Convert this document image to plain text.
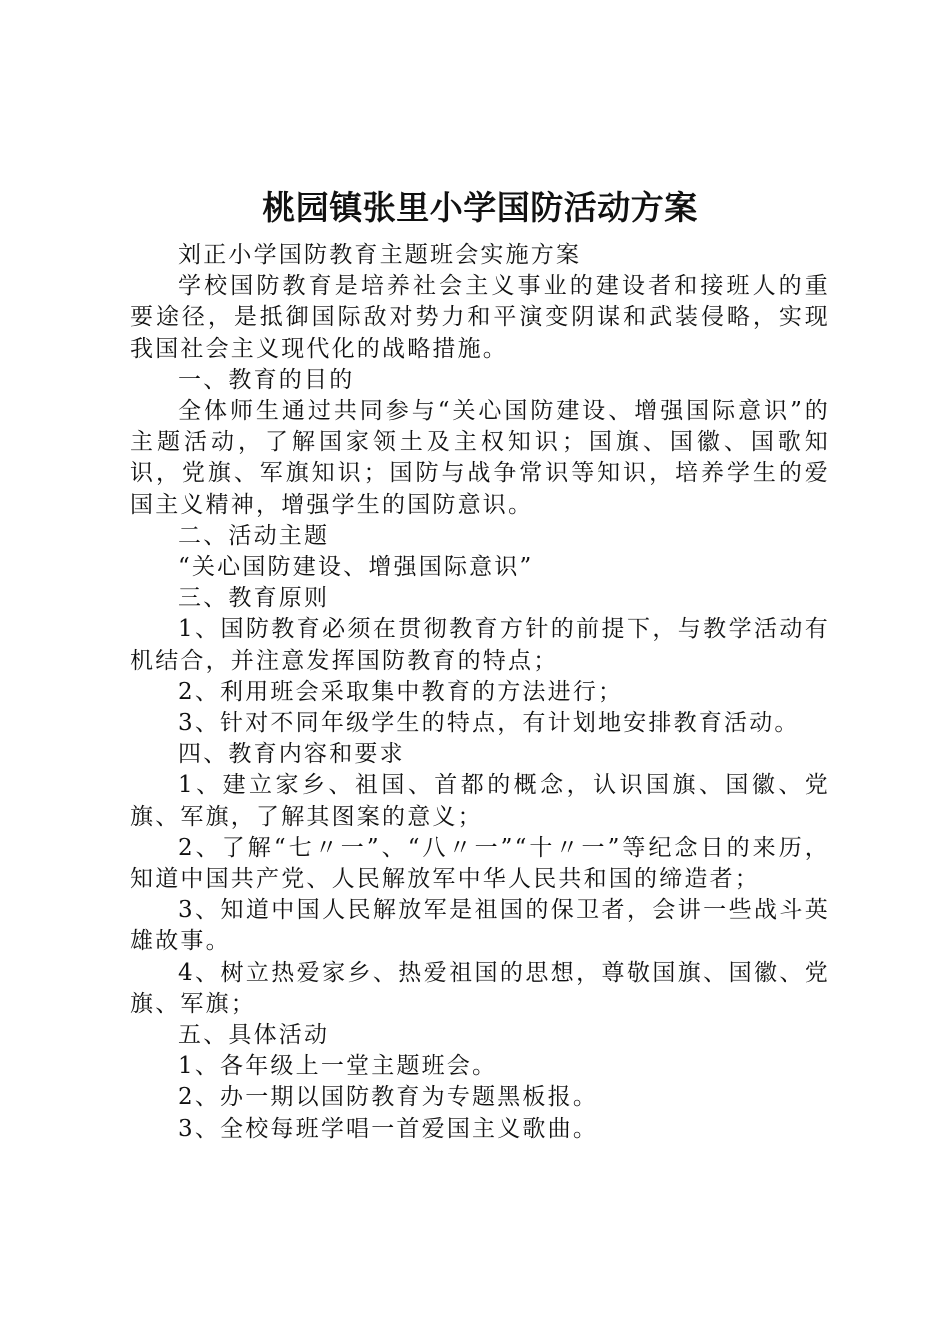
桃园镇张里小学国防活动方案

刘正小学国防教育主题班会实施方案

学校国防教育是培养社会主义事业的建设者和接班人的重要途径，是抵御国际敌对势力和平演变阴谋和武装侵略，实现我国社会主义现代化的战略措施。

一、教育的目的

全体师生通过共同参与“关心国防建设、增强国际意识”的主题活动，了解国家领土及主权知识；国旗、国徽、国歌知识，党旗、军旗知识；国防与战争常识等知识，培养学生的爱国主义精神，增强学生的国防意识。

二、活动主题

“关心国防建设、增强国际意识”

三、教育原则

1、国防教育必须在贯彻教育方针的前提下，与教学活动有机结合，并注意发挥国防教育的特点；

2、利用班会采取集中教育的方法进行；

3、针对不同年级学生的特点，有计划地安排教育活动。

四、教育内容和要求

1、建立家乡、祖国、首都的概念，认识国旗、国徽、党旗、军旗，了解其图案的意义；

2、了解“七〃一”、“八〃一”“十〃一”等纪念日的来历，知道中国共产党、人民解放军中华人民共和国的缔造者；

3、知道中国人民解放军是祖国的保卫者，会讲一些战斗英雄故事。

4、树立热爱家乡、热爱祖国的思想，尊敬国旗、国徽、党旗、军旗；

五、具体活动

1、各年级上一堂主题班会。

2、办一期以国防教育为专题黑板报。

3、全校每班学唱一首爱国主义歌曲。
